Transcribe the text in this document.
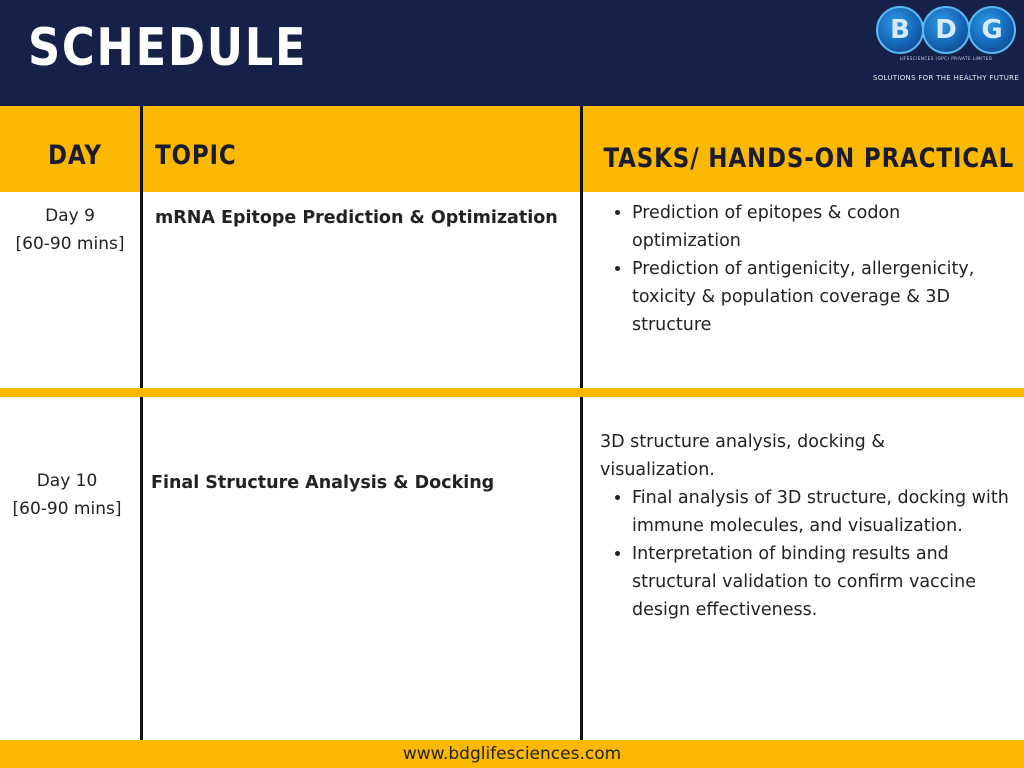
SCHEDULE	B D G
LIFESCIENCES (OPC) PRIVATE LIMITED
SOLUTIONS FOR THE HEALTHY FUTURE
DAY TOPIC	TASKS/ HANDS-ON PRACTICAL
Day 9
[60-90 mins]
mRNA Epitope Prediction & Optimization
•	Prediction of epitopes & codon optimization
• Prediction of antigenicity, allergenicity, toxicity & population coverage & 3D structure
Day 10
[60-90 mins]
Final Structure Analysis & Docking
3D structure analysis, docking & visualization.
• Final analysis of 3D structure, docking with immune molecules, and visualization.
• Interpretation of binding results and structural validation to confirm vaccine design effectiveness.
www.bdglifesciences.com
